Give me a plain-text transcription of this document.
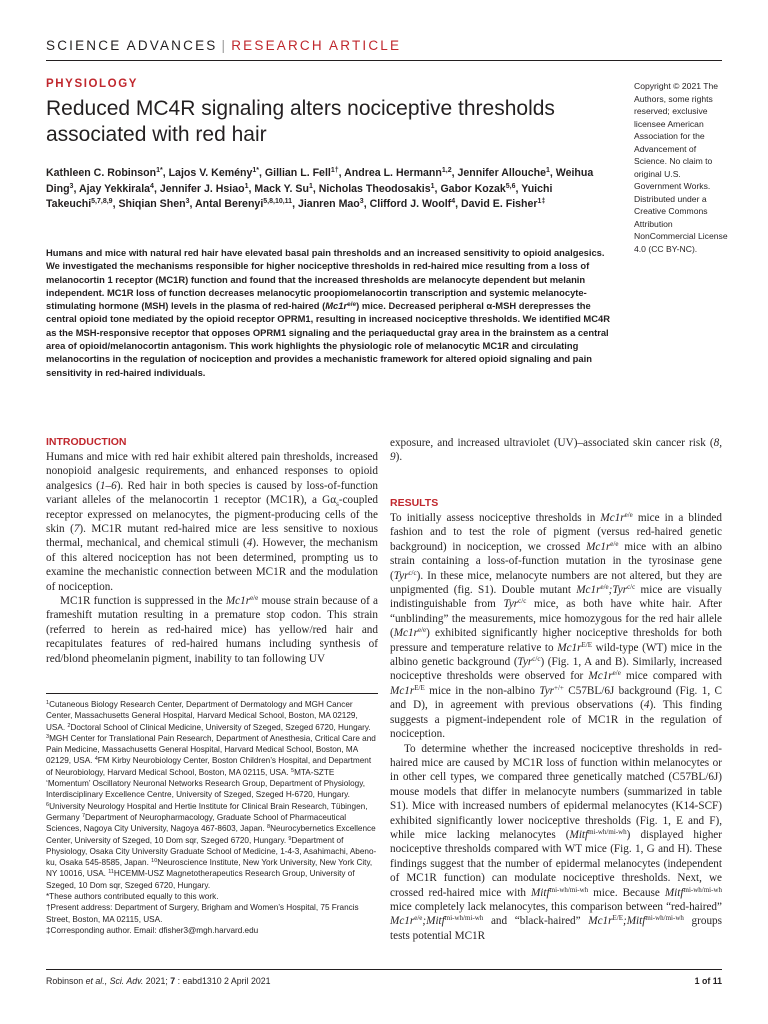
SCIENCE ADVANCES | RESEARCH ARTICLE
PHYSIOLOGY
Reduced MC4R signaling alters nociceptive thresholds associated with red hair
Copyright © 2021 The Authors, some rights reserved; exclusive licensee American Association for the Advancement of Science. No claim to original U.S. Government Works. Distributed under a Creative Commons Attribution NonCommercial License 4.0 (CC BY-NC).
Kathleen C. Robinson$^{1*}$, Lajos V. Kemény$^{1*}$, Gillian L. Fell$^{1\dagger}$, Andrea L. Hermann$^{1,2}$, Jennifer Allouche$^1$, Weihua Ding$^3$, Ajay Yekkirala$^4$, Jennifer J. Hsiao$^1$, Mack Y. Su$^1$, Nicholas Theodosakis$^1$, Gabor Kozak$^{5,6}$, Yuichi Takeuchi$^{5,7,8,9}$, Shiqian Shen$^3$, Antal Berenyi$^{5,8,10,11}$, Jianren Mao$^3$, Clifford J. Woolf$^4$, David E. Fisher$^{1\ddagger}$
Humans and mice with natural red hair have elevated basal pain thresholds and an increased sensitivity to opioid analgesics. We investigated the mechanisms responsible for higher nociceptive thresholds in red-haired mice resulting from a loss of melanocortin 1 receptor (MC1R) function and found that the increased thresholds are melanocyte dependent but melanin independent. MC1R loss of function decreases melanocytic proopiomelanocortin transcription and systemic melanocyte-stimulating hormone (MSH) levels in the plasma of red-haired $(Mc1r^{e/e})$ mice. Decreased peripheral α-MSH derepresses the central opioid tone mediated by the opioid receptor OPRM1, resulting in increased nociceptive thresholds. We identified MC4R as the MSH-responsive receptor that opposes OPRM1 signaling and the periaqueductal gray area in the brainstem as a central area of opioid/melanocortin antagonism. This work highlights the physiologic role of melanocytic MC1R and circulating melanocortins in the regulation of nociception and provides a mechanistic framework for altered opioid signaling and pain sensitivity in red-haired individuals.
INTRODUCTION

Humans and mice with red hair exhibit altered pain thresholds, increased nonopioid analgesic requirements, and enhanced responses to opioid analgesics (1–6). Red hair in both species is caused by loss-of-function variant alleles of the melanocortin 1 receptor (MC1R), a $G\alpha_s$-coupled receptor expressed on melanocytes, the pigment-producing cells of the skin (7). MC1R mutant red-haired mice are less sensitive to noxious thermal, mechanical, and chemical stimuli (4). However, the mechanism of this altered nociception has not been determined, prompting us to examine the mechanistic connection between MC1R and the modulation of nociception.

MC1R function is suppressed in the $Mc1r^{e/e}$ mouse strain because of a frameshift mutation resulting in a premature stop codon. This strain (referred to herein as red-haired mice) has yellow/red hair and recapitulates features of red-haired humans including synthesis of red/blond pheomelanin pigment, inability to tan following UV

$^1$Cutaneous Biology Research Center, Department of Dermatology and MGH Cancer Center, Massachusetts General Hospital, Harvard Medical School, Boston, MA 02129, USA. $^2$Doctoral School of Clinical Medicine, University of Szeged, Szeged 6720, Hungary. $^3$MGH Center for Translational Pain Research, Department of Anesthesia, Critical Care and Pain Medicine, Massachusetts General Hospital, Harvard Medical School, Boston, MA 02129, USA. $^4$FM Kirby Neurobiology Center, Boston Children’s Hospital, and Department of Neurobiology, Harvard Medical School, Boston, MA 02115, USA. $^5$MTA-SZTE ‘Momentum’ Oscillatory Neuronal Networks Research Group, Department of Physiology, Interdisciplinary Excellence Centre, University of Szeged, Szeged H-6720, Hungary. $^6$University Neurology Hospital and Hertie Institute for Clinical Brain Research, Tübingen, Germany $^7$Department of Neuropharmacology, Graduate School of Pharmaceutical Sciences, Nagoya City University, Nagoya 467-8603, Japan. $^8$Neurocybernetics Excellence Center, University of Szeged, 10 Dom sqr, Szeged 6720, Hungary. $^9$Department of Physiology, Osaka City University Graduate School of Medicine, 1-4-3, Asahimachi, Abeno-ku, Osaka 545-8585, Japan. $^{10}$Neuroscience Institute, New York University, New York City, NY 10016, USA. $^{11}$HCEMM-USZ Magnetotherapeutics Research Group, University of Szeged, 10 Dom sqr, Szeged 6720, Hungary.
*These authors contributed equally to this work.
†Present address: Department of Surgery, Brigham and Women’s Hospital, 75 Francis Street, Boston, MA 02115, USA.
‡Corresponding author. Email: dfisher3@mgh.harvard.edu

exposure, and increased ultraviolet (UV)–associated skin cancer risk (8, 9).

RESULTS

To initially assess nociceptive thresholds in $Mc1r^{e/e}$ mice in a blinded fashion and to test the role of pigment (versus red-haired genetic background) in nociception, we crossed $Mc1r^{e/e}$ mice with an albino strain containing a loss-of-function mutation in the tyrosinase gene (Tyr$^{c/c}$). In these mice, melanocyte numbers are not altered, but they are unpigmented (fig. S1). Double mutant $Mc1r^{e/e};Tyr^{c/c}$ mice are visually indistinguishable from Tyr$^{c/c}$ mice, as both have white hair. After “unblinding” the measurements, mice homozygous for the red hair allele $(Mc1r^{e/e})$ exhibited significantly higher nociceptive thresholds for both pressure and temperature relative to $Mc1r^{E/E}$ wild-type (WT) mice in the albino genetic background (Tyr$^{c/c}$) (Fig. 1, A and B). Similarly, increased nociceptive thresholds were observed for $Mc1r^{e/e}$ mice compared with $Mc1r^{E/E}$ mice in the non-albino Tyr+/+ C57BL/6J background (Fig. 1, C and D), in agreement with previous observations (4). This finding suggests a pigment-independent role of MC1R in the regulation of nociception.

To determine whether the increased nociceptive thresholds in red-haired mice are caused by MC1R loss of function within melanocytes or in other cell types, we compared three genetically matched (C57BL/6J) mouse models that differ in melanocyte numbers (summarized in table S1). Mice with increased numbers of epidermal melanocytes (K14-SCF) exhibited significantly lower nociceptive thresholds (Fig. 1, E and F), while mice lacking melanocytes (Mitf$^{mi-wh/mi-wh}$) displayed higher nociceptive thresholds compared with WT mice (Fig. 1, G and H). These findings suggest that the number of epidermal melanocytes (independent of MC1R function) can modulate nociceptive thresholds. Next, we crossed red-haired mice with Mitf$^{mi-wh/mi-wh}$ mice. Because Mitf$^{mi-wh/mi-wh}$ mice completely lack melanocytes, this comparison between “red-haired” $Mc1r^{e/e};Mitf^{mi-wh/mi-wh}$ and “black-haired” $Mc1r^{E/E};Mitf^{mi-wh/mi-wh}$ groups tests potential MC1R

Robinson et al., Sci. Adv. 2021; 7 : eabd1310 2 April 2021	1 of 11
